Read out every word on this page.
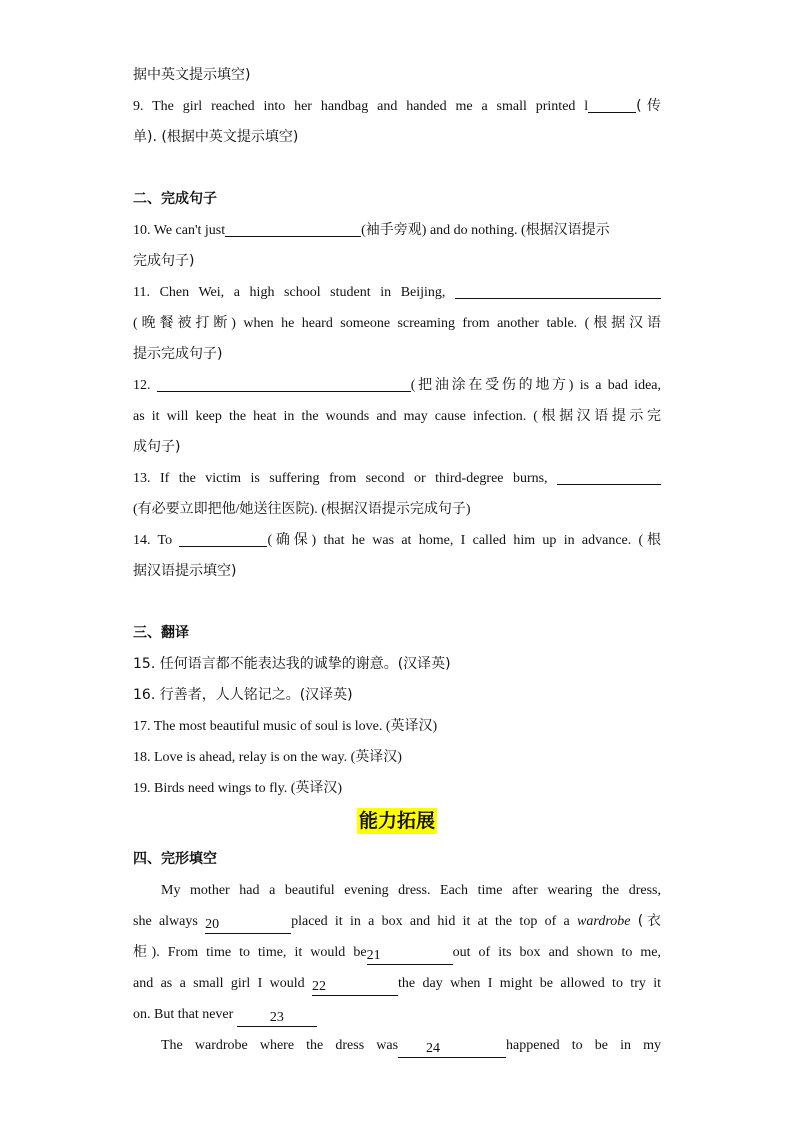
据中英文提示填空)
9. The girl reached into her handbag and handed me a small printed l	(传
单). (根据中英文提示填空)
二、完成句子
10. We can't just	(袖手旁观) and do nothing. (根据汉语提示
完成句子)
11. Chen Wei, a high school student in Beijing,
(晚餐被打断) when he heard someone screaming from another table. (根据汉语
提示完成句子)
12.	(把油涂在受伤的地方) is a bad idea,
as it will keep the heat in the wounds and may cause infection. (根据汉语提示完
成句子)
13. If the victim is suffering from second or third-degree burns,
(有必要立即把他/她送往医院). (根据汉语提示完成句子)
14. To	(确保) that he was at home, I called him up in advance. (根
据汉语提示填空)
三、翻译
15. 任何语言都不能表达我的诚挚的谢意。(汉译英)
16. 行善者，人人铭记之。(汉译英)
17. The most beautiful music of soul is love. (英译汉)
18. Love is ahead, relay is on the way. (英译汉)
19. Birds need wings to fly. (英译汉)
能力拓展
四、完形填空
My mother had a beautiful evening dress. Each time after wearing the dress,
she always 20	placed it in a box and hid it at the top of a wardrobe (衣
柜). From time to time, it would be21	out of its box and shown to me,
and as a small girl I would 22	the day when I might be allowed to try it
on. But that never	23
The wardrobe where the dress was 24	happened to be in my
